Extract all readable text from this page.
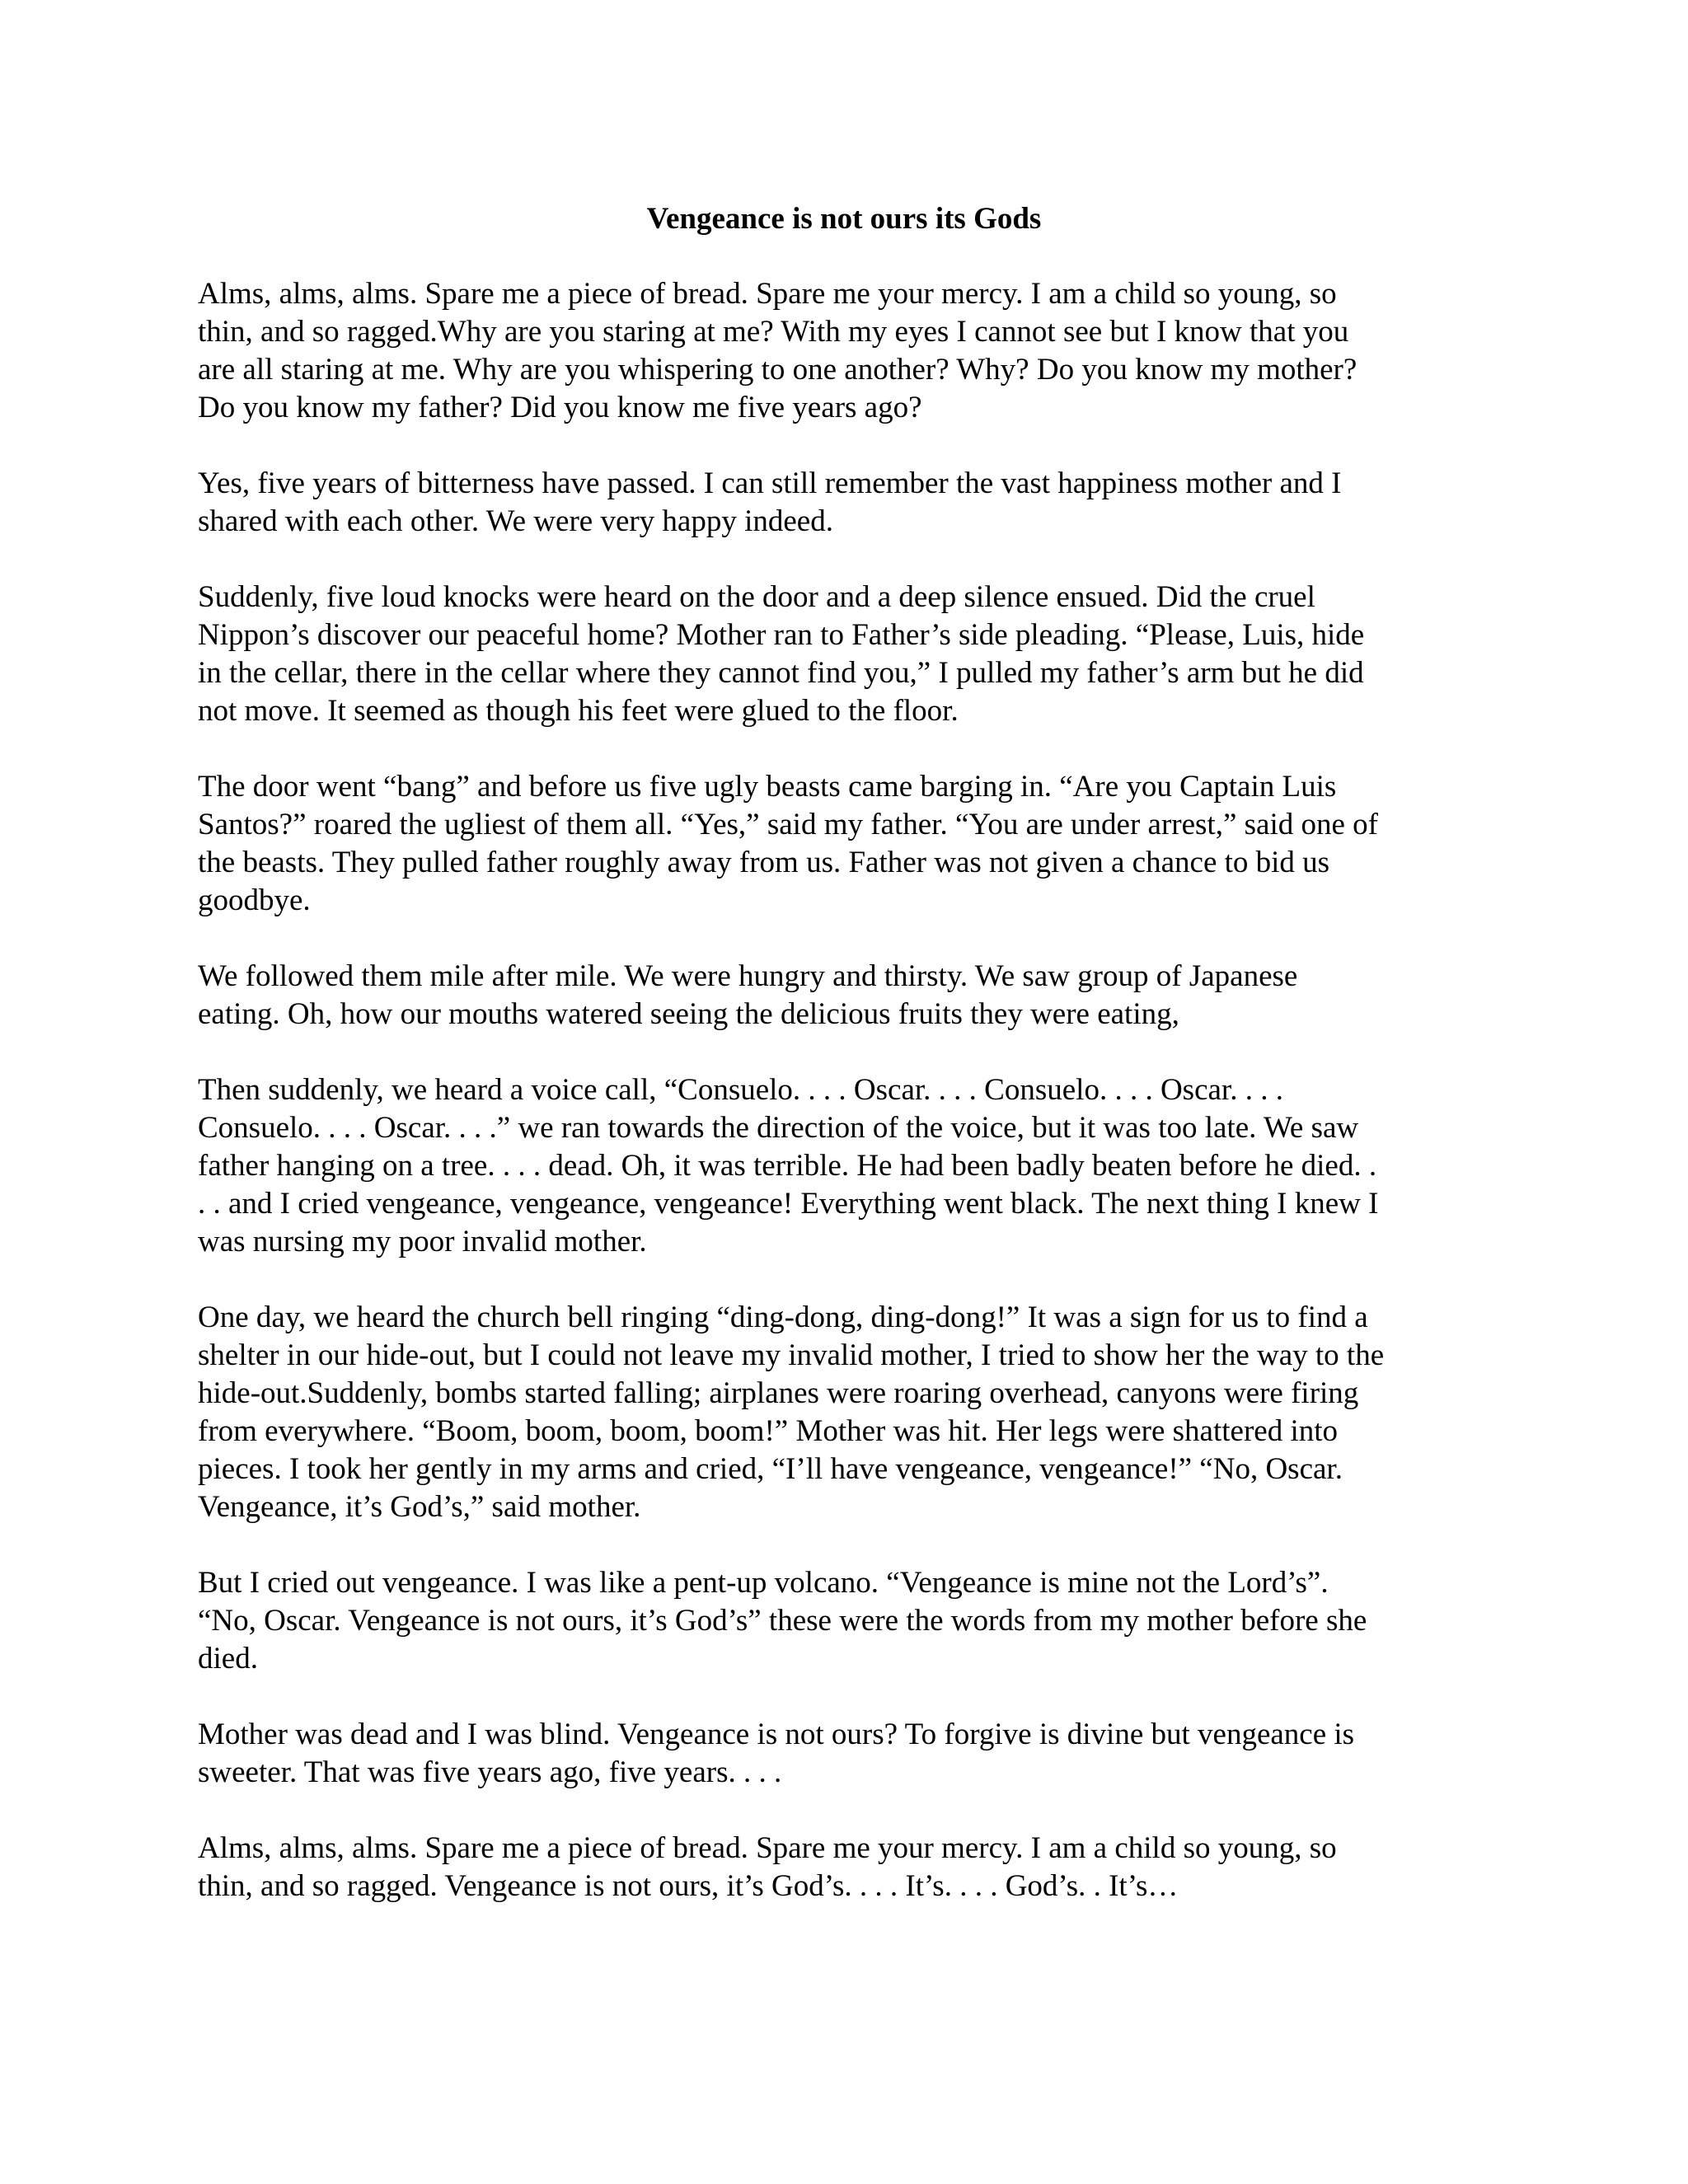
Vengeance is not ours its Gods

Alms, alms, alms. Spare me a piece of bread. Spare me your mercy. I am a child so young, so
thin, and so ragged.Why are you staring at me? With my eyes I cannot see but I know that you
are all staring at me. Why are you whispering to one another? Why? Do you know my mother?
Do you know my father? Did you know me five years ago?

Yes, five years of bitterness have passed. I can still remember the vast happiness mother and I
shared with each other. We were very happy indeed.

Suddenly, five loud knocks were heard on the door and a deep silence ensued. Did the cruel
Nippon’s discover our peaceful home? Mother ran to Father’s side pleading. “Please, Luis, hide
in the cellar, there in the cellar where they cannot find you,” I pulled my father’s arm but he did
not move. It seemed as though his feet were glued to the floor.

The door went “bang” and before us five ugly beasts came barging in. “Are you Captain Luis
Santos?” roared the ugliest of them all. “Yes,” said my father. “You are under arrest,” said one of
the beasts. They pulled father roughly away from us. Father was not given a chance to bid us
goodbye.

We followed them mile after mile. We were hungry and thirsty. We saw group of Japanese
eating. Oh, how our mouths watered seeing the delicious fruits they were eating,

Then suddenly, we heard a voice call, “Consuelo. . . . Oscar. . . . Consuelo. . . . Oscar. . . .
Consuelo. . . . Oscar. . . .” we ran towards the direction of the voice, but it was too late. We saw
father hanging on a tree. . . . dead. Oh, it was terrible. He had been badly beaten before he died. .
. . and I cried vengeance, vengeance, vengeance! Everything went black. The next thing I knew I
was nursing my poor invalid mother.

One day, we heard the church bell ringing “ding-dong, ding-dong!” It was a sign for us to find a
shelter in our hide-out, but I could not leave my invalid mother, I tried to show her the way to the
hide-out.Suddenly, bombs started falling; airplanes were roaring overhead, canyons were firing
from everywhere. “Boom, boom, boom, boom!” Mother was hit. Her legs were shattered into
pieces. I took her gently in my arms and cried, “I’ll have vengeance, vengeance!” “No, Oscar.
Vengeance, it’s God’s,” said mother.

But I cried out vengeance. I was like a pent-up volcano. “Vengeance is mine not the Lord’s”.
“No, Oscar. Vengeance is not ours, it’s God’s” these were the words from my mother before she
died.

Mother was dead and I was blind. Vengeance is not ours? To forgive is divine but vengeance is
sweeter. That was five years ago, five years. . . .

Alms, alms, alms. Spare me a piece of bread. Spare me your mercy. I am a child so young, so
thin, and so ragged. Vengeance is not ours, it’s God’s. . . . It’s. . . . God’s. . It’s…
